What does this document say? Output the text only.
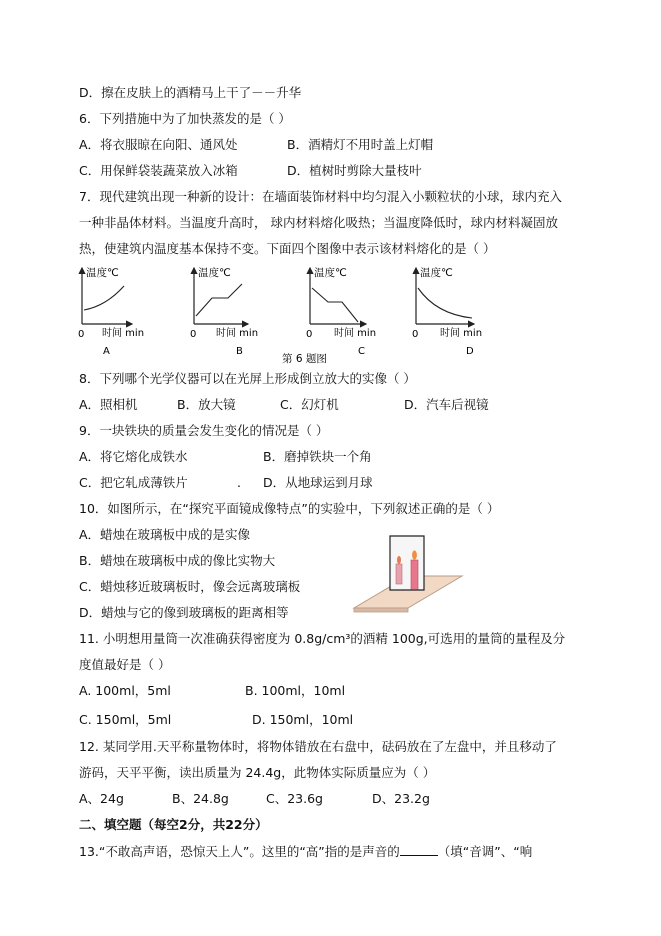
D．擦在皮肤上的酒精马上干了－－升华
6．下列措施中为了加快蒸发的是（ ）
A．将衣服晾在向阳、通风处	B．酒精灯不用时盖上灯帽
C．用保鲜袋装蔬菜放入冰箱	D．植树时剪除大量枝叶
7．现代建筑出现一种新的设计：在墙面装饰材料中均匀混入小颗粒状的小球，球内充入
一种非晶体材料。当温度升高时， 球内材料熔化吸热；当温度降低时，球内材料凝固放
热，使建筑内温度基本保持不变。下面四个图像中表示该材料熔化的是（ ）
温度℃
0 时间 min
A
温度℃
0 时间 min
B
温度℃
0 时间 min
C
温度℃
0 时间 min
D
第 6 题图
8．下列哪个光学仪器可以在光屏上形成倒立放大的实像（ ）
A．照相机	B．放大镜	C．幻灯机	D．汽车后视镜
9．一块铁块的质量会发生变化的情况是（ ）
A．将它熔化成铁水	B．磨掉铁块一个角
C．把它轧成薄铁片	. D．从地球运到月球
10．如图所示，在“探究平面镜成像特点”的实验中，下列叙述正确的是（ ）
A．蜡烛在玻璃板中成的是实像
B．蜡烛在玻璃板中成的像比实物大
C．蜡烛移近玻璃板时，像会远离玻璃板
D．蜡烛与它的像到玻璃板的距离相等
11. 小明想用量筒一次准确获得密度为 0.8g/cm³的酒精 100g,可选用的量筒的量程及分
度值最好是（ ）
A. 100ml，5ml	B. 100ml，10ml
C. 150ml，5ml	D. 150ml，10ml
12. 某同学用.天平称量物体时，将物体错放在右盘中，砝码放在了左盘中，并且移动了
游码，天平平衡，读出质量为 24.4g，此物体实际质量应为（ ）
A、24g	B、24.8g	C、23.6g	D、23.2g
二、填空题（每空2分，共22分）
13.“不敢高声语，恐惊天上人”。这里的“高”指的是声音的	（填“音调”、“响
